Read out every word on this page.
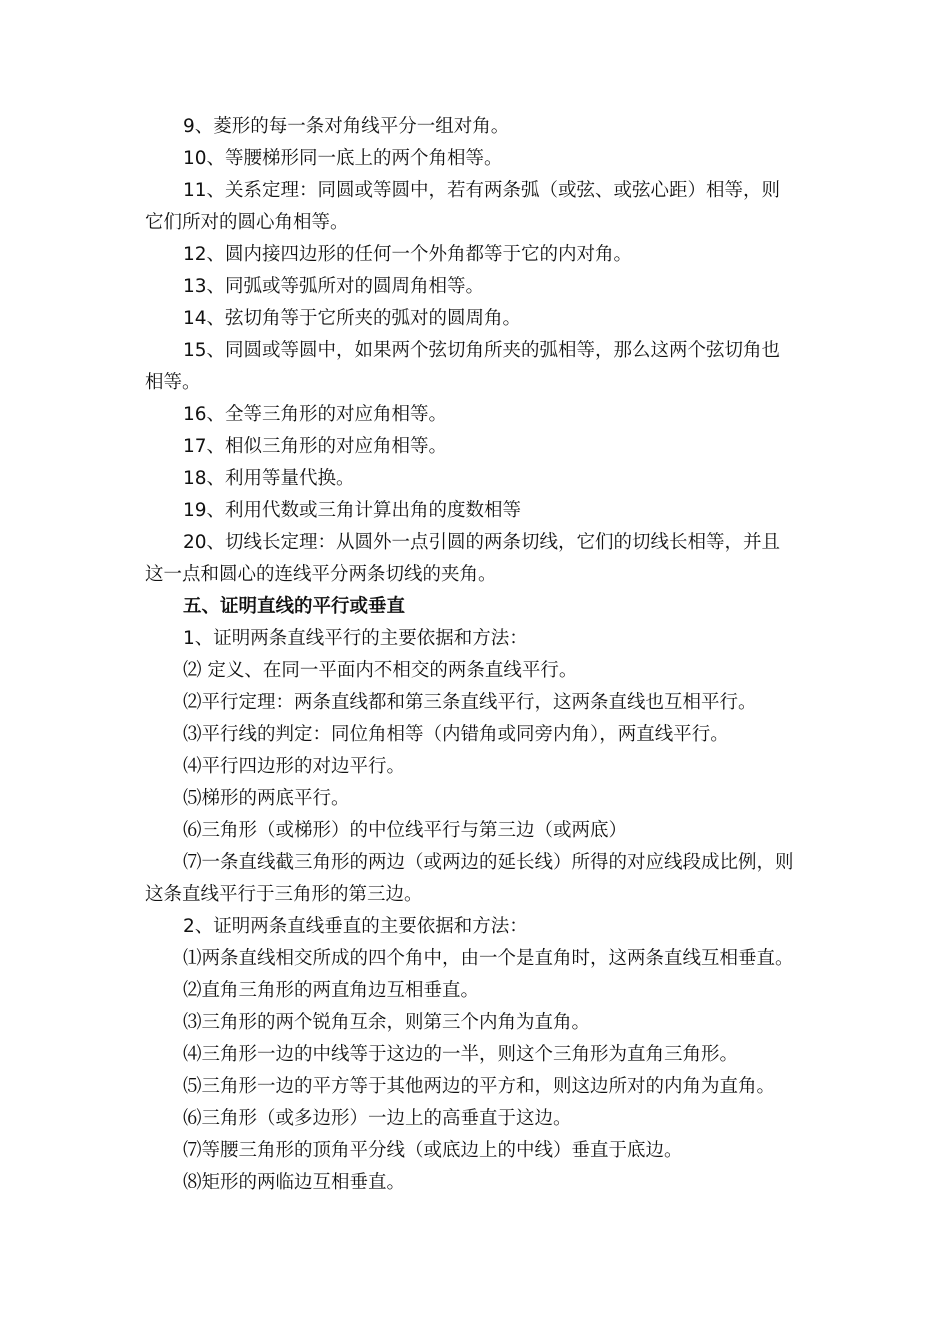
9、菱形的每一条对角线平分一组对角。
10、等腰梯形同一底上的两个角相等。
11、关系定理：同圆或等圆中，若有两条弧（或弦、或弦心距）相等，则
它们所对的圆心角相等。
12、圆内接四边形的任何一个外角都等于它的内对角。
13、同弧或等弧所对的圆周角相等。
14、弦切角等于它所夹的弧对的圆周角。
15、同圆或等圆中，如果两个弦切角所夹的弧相等，那么这两个弦切角也
相等。
16、全等三角形的对应角相等。
17、相似三角形的对应角相等。
18、利用等量代换。
19、利用代数或三角计算出角的度数相等
20、切线长定理：从圆外一点引圆的两条切线，它们的切线长相等，并且
这一点和圆心的连线平分两条切线的夹角。
五、证明直线的平行或垂直
1、证明两条直线平行的主要依据和方法：
⑵ 定义、在同一平面内不相交的两条直线平行。
⑵平行定理：两条直线都和第三条直线平行，这两条直线也互相平行。
⑶平行线的判定：同位角相等（内错角或同旁内角），两直线平行。
⑷平行四边形的对边平行。
⑸梯形的两底平行。
⑹三角形（或梯形）的中位线平行与第三边（或两底）
⑺一条直线截三角形的两边（或两边的延长线）所得的对应线段成比例，则
这条直线平行于三角形的第三边。
2、证明两条直线垂直的主要依据和方法：
⑴两条直线相交所成的四个角中，由一个是直角时，这两条直线互相垂直。
⑵直角三角形的两直角边互相垂直。
⑶三角形的两个锐角互余，则第三个内角为直角。
⑷三角形一边的中线等于这边的一半，则这个三角形为直角三角形。
⑸三角形一边的平方等于其他两边的平方和，则这边所对的内角为直角。
⑹三角形（或多边形）一边上的高垂直于这边。
⑺等腰三角形的顶角平分线（或底边上的中线）垂直于底边。
⑻矩形的两临边互相垂直。
